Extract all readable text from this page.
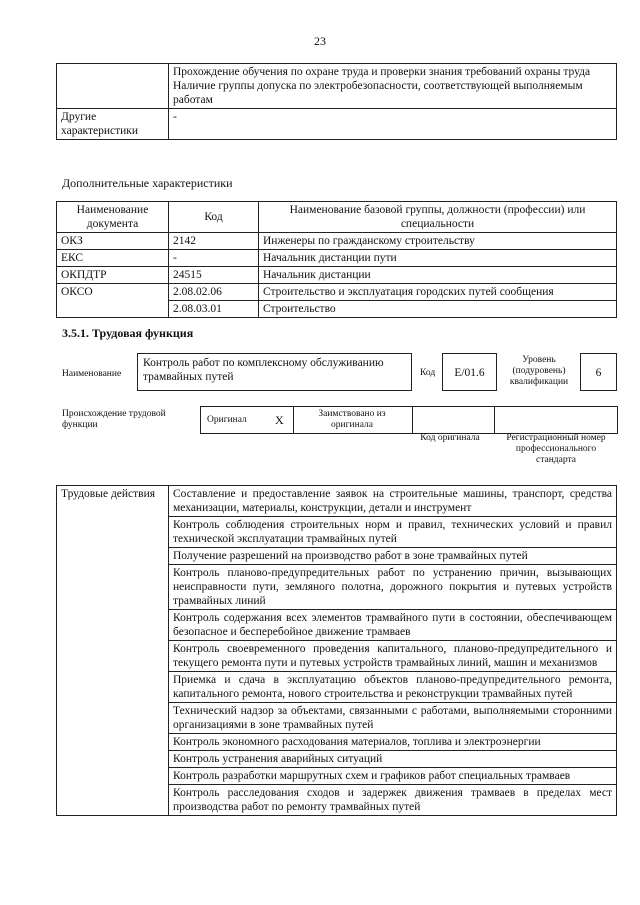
23

	Прохождение обучения по охране труда и проверки знания требований охраны труда
Наличие группы допуска по электробезопасности, соответствующей выполняемым работам

Другие характеристики	-
Дополнительные характеристики
Наименование документа	Код	Наименование базовой группы, должности (профессии) или специальности
ОКЗ	2142	Инженеры по гражданскому строительству
ЕКС	-	Начальник дистанции пути
ОКПДТР	24515	Начальник дистанции
ОКСО	2.08.02.06	Строительство и эксплуатация городских путей сообщения
	2.08.03.01	Строительство
3.5.1. Трудовая функция
Наименование
Контроль работ по комплексному обслуживанию трамвайных путей	Код	E/01.6
Уровень (подуровень) квалификации
6
Происхождение трудовой функции	Оригинал X	Заимствовано из оригинала
Код оригинала	Регистрационный номер профессионального стандарта
Трудовые действия	Составление и предоставление заявок на строительные машины, транспорт, средства механизации, материалы, конструкции, детали и инструмент
Контроль соблюдения строительных норм и правил, технических условий и правил технической эксплуатации трамвайных путей
Получение разрешений на производство работ в зоне трамвайных путей
Контроль планово-предупредительных работ по устранению причин, вызывающих неисправности пути, земляного полотна, дорожного покрытия и путевых устройств трамвайных линий
Контроль содержания всех элементов трамвайного пути в состоянии, обеспечивающем безопасное и бесперебойное движение трамваев
Контроль своевременного проведения капитального, планово-предупредительного и текущего ремонта пути и путевых устройств трамвайных линий, машин и механизмов
Приемка и сдача в эксплуатацию объектов планово-предупредительного ремонта, капитального ремонта, нового строительства и реконструкции трамвайных путей
Технический надзор за объектами, связанными с работами, выполняемыми сторонними организациями в зоне трамвайных путей
Контроль экономного расходования материалов, топлива и электроэнергии
Контроль устранения аварийных ситуаций
Контроль разработки маршрутных схем и графиков работ специальных трамваев
Контроль расследования сходов и задержек движения трамваев в пределах мест производства работ по ремонту трамвайных путей
